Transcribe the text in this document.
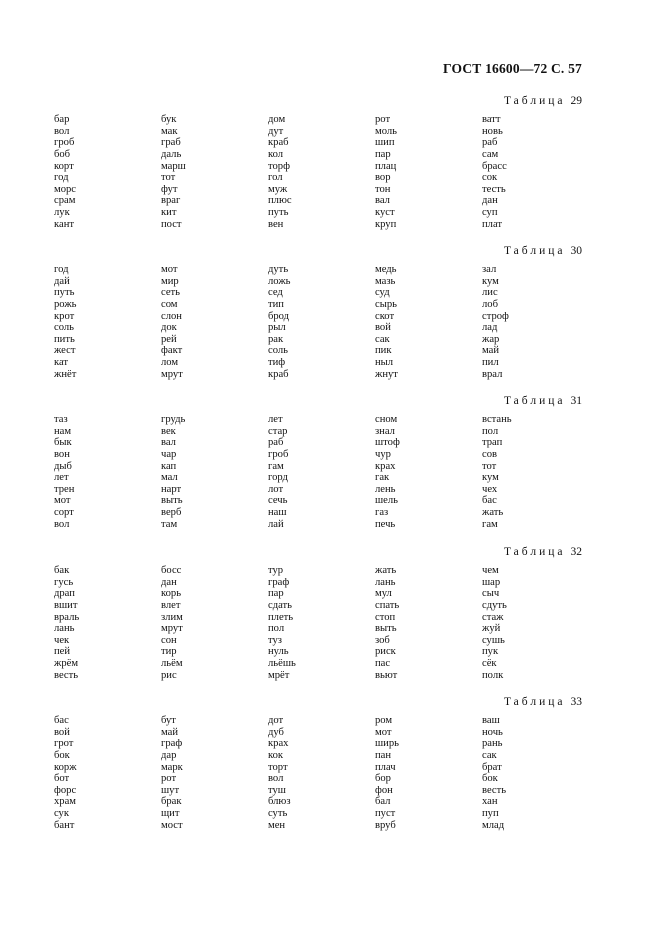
ГОСТ 16600—72 С. 57
Таблица 29
бар	бук	дом	рот	ватт
вол	мак	дут	моль	новь
гроб	граб	краб	шип	раб
боб	даль	кол	пар	сам
корт	марш	торф	плац	брасс
год	тот	гол	вор	сок
морс	фут	муж	тон	тесть
срам	враг	плюс	вал	дан
лук	кит	путь	куст	суп
кант	пост	вен	круп	плат
Таблица 30
год	мот	дуть	медь	зал
дай	мир	ложь	мазь	кум
путь	сеть	сед	суд	лис
рожь	сом	тип	сырь	лоб
крот	слон	брод	скот	строф
соль	док	рыл	вой	лад
пить	рей	рак	сак	жар
жест	факт	соль	пик	май
кат	лом	тиф	ныл	пил
жнёт	мрут	краб	жнут	врал
Таблица 31
таз	грудь	лет	сном	встань
нам	век	стар	знал	пол
бык	вал	раб	штоф	трап
вон	чар	гроб	чур	сов
дыб	кап	гам	крах	тот
лет	мал	горд	гак	кум
трен	нарт	лот	лень	чех
мот	выть	сечь	шель	бас
сорт	верб	наш	газ	жать
вол	там	лай	печь	гам
Таблица 32
бак	босс	тур	жать	чем
гусь	дан	граф	лань	шар
драп	корь	пар	мул	сыч
вшит	влет	сдать	спать	сдуть
враль	злим	плеть	стоп	стаж
лань	мрут	пол	выть	жуй
чек	сон	туз	зоб	сушь
пей	тир	нуль	риск	пук
жрём	льём	льёшь	пас	сёк
весть	рис	мрёт	вьют	полк
Таблица 33
бас	бут	дот	ром	ваш
вой	май	дуб	мот	ночь
грот	граф	крах	ширь	рань
бок	дар	кок	пан	сак
корж	марк	торт	плач	брат
бот	рот	вол	бор	бок
форс	шут	туш	фон	весть
храм	брак	блюз	бал	хан
сук	щит	суть	пуст	пуп
бант	мост	мен	вруб	млад
